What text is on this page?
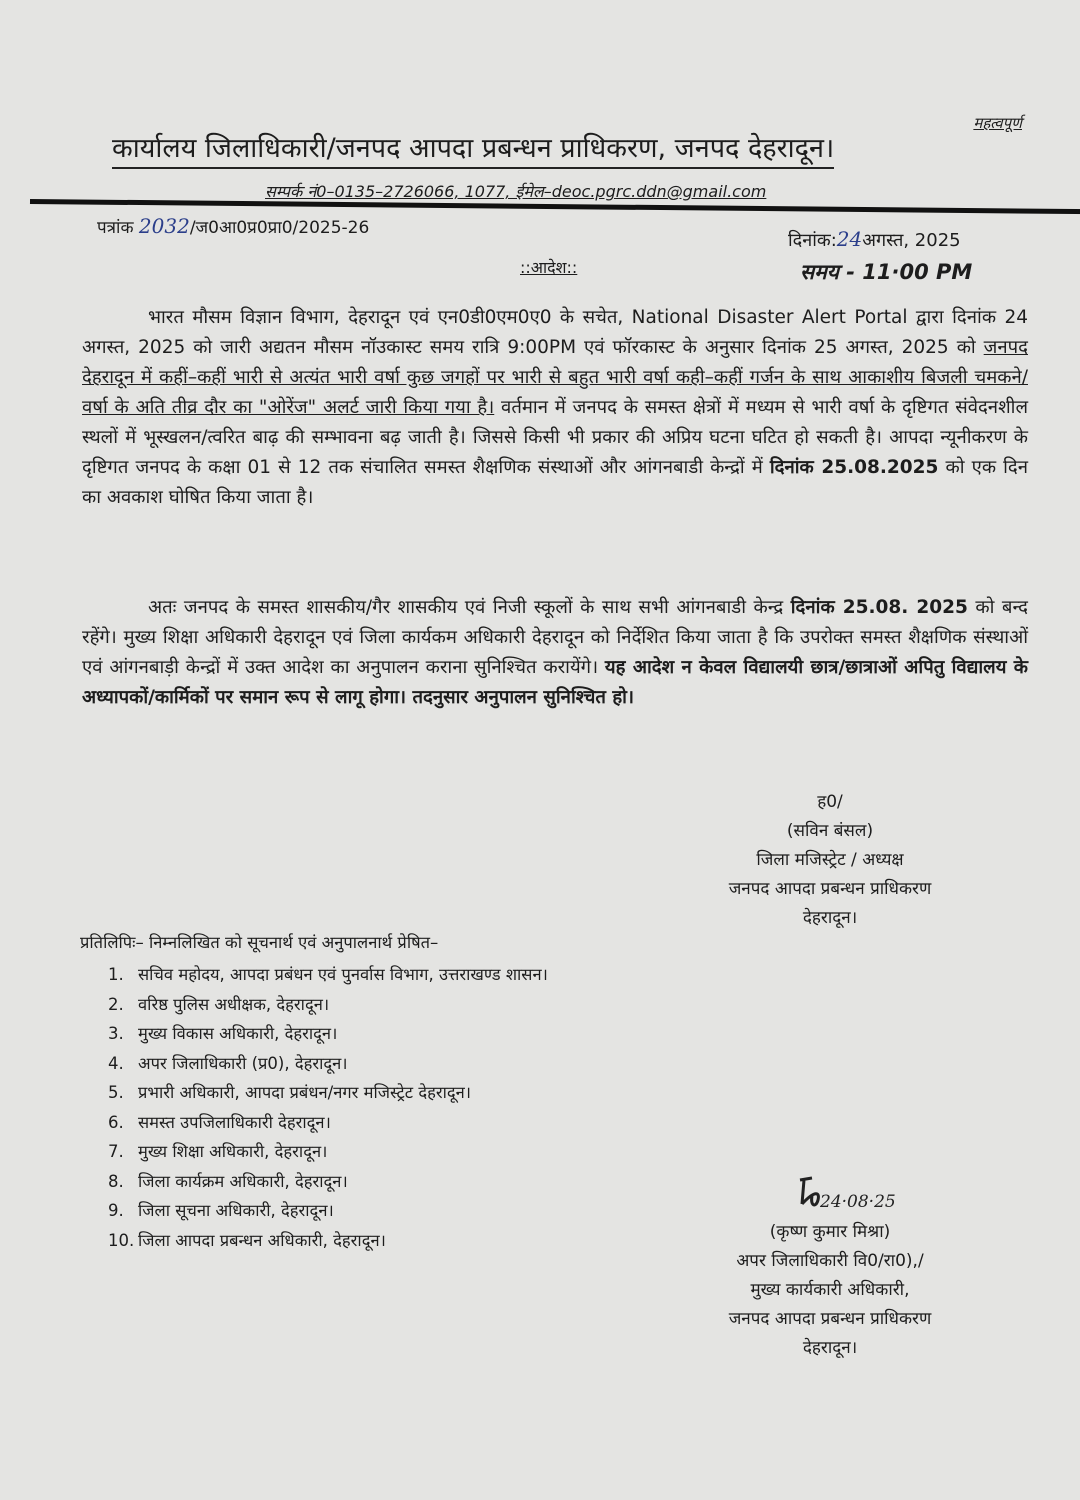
महत्वपूर्ण
कार्यालय जिलाधिकारी/जनपद आपदा प्रबन्धन प्राधिकरण, जनपद देहरादून।
सम्पर्क नं0–0135–2726066, 1077, ईमेल–deoc.pgrc.ddn@gmail.com
पत्रांक 2032/ज0आ0प्र0प्रा0/2025-26
दिनांक:24अगस्त, 2025
::आदेश::	समय - 11·00 PM
भारत मौसम विज्ञान विभाग, देहरादून एवं एन0डी0एम0ए0 के सचेत, National Disaster Alert Portal द्वारा दिनांक 24 अगस्त, 2025 को जारी अद्यतन मौसम नॉउकास्ट समय रात्रि 9:00PM एवं फॉरकास्ट के अनुसार दिनांक 25 अगस्त, 2025 को जनपद देहरादून में कहीं–कहीं भारी से अत्यंत भारी वर्षा कुछ जगहों पर भारी से बहुत भारी वर्षा कही–कहीं गर्जन के साथ आकाशीय बिजली चमकने/वर्षा के अति तीव्र दौर का "ओरेंज" अलर्ट जारी किया गया है। वर्तमान में जनपद के समस्त क्षेत्रों में मध्यम से भारी वर्षा के दृष्टिगत संवेदनशील स्थलों में भूस्खलन/त्वरित बाढ़ की सम्भावना बढ़ जाती है। जिससे किसी भी प्रकार की अप्रिय घटना घटित हो सकती है। आपदा न्यूनीकरण के दृष्टिगत जनपद के कक्षा 01 से 12 तक संचालित समस्त शैक्षणिक संस्थाओं और आंगनबाडी केन्द्रों में दिनांक 25.08.2025 को एक दिन का अवकाश घोषित किया जाता है।
अतः जनपद के समस्त शासकीय/गैर शासकीय एवं निजी स्कूलों के साथ सभी आंगनबाडी केन्द्र दिनांक 25.08. 2025 को बन्द रहेंगे। मुख्य शिक्षा अधिकारी देहरादून एवं जिला कार्यकम अधिकारी देहरादून को निर्देशित किया जाता है कि उपरोक्त समस्त शैक्षणिक संस्थाओं एवं आंगनबाड़ी केन्द्रों में उक्त आदेश का अनुपालन कराना सुनिश्चित करायेंगे। यह आदेश न केवल विद्यालयी छात्र/छात्राओं अपितु विद्यालय के अध्यापकों/कार्मिकों पर समान रूप से लागू होगा। तदनुसार अनुपालन सुनिश्चित हो।
ह0/
(सविन बंसल)
जिला मजिस्ट्रेट / अध्यक्ष
जनपद आपदा प्रबन्धन प्राधिकरण
देहरादून।
प्रतिलिपिः– निम्नलिखित को सूचनार्थ एवं अनुपालनार्थ प्रेषित–
1. सचिव महोदय, आपदा प्रबंधन एवं पुनर्वास विभाग, उत्तराखण्ड शासन।
2. वरिष्ठ पुलिस अधीक्षक, देहरादून।
3. मुख्य विकास अधिकारी, देहरादून।
4. अपर जिलाधिकारी (प्र0), देहरादून।
5. प्रभारी अधिकारी, आपदा प्रबंधन/नगर मजिस्ट्रेट देहरादून।
6. समस्त उपजिलाधिकारी देहरादून।
7. मुख्य शिक्षा अधिकारी, देहरादून।
8. जिला कार्यक्रम अधिकारी, देहरादून।
9. जिला सूचना अधिकारी, देहरादून।
10. जिला आपदा प्रबन्धन अधिकारी, देहरादून।
24·08·25
(कृष्ण कुमार मिश्रा)
अपर जिलाधिकारी वि0/रा0),/
मुख्य कार्यकारी अधिकारी,
जनपद आपदा प्रबन्धन प्राधिकरण
देहरादून।
